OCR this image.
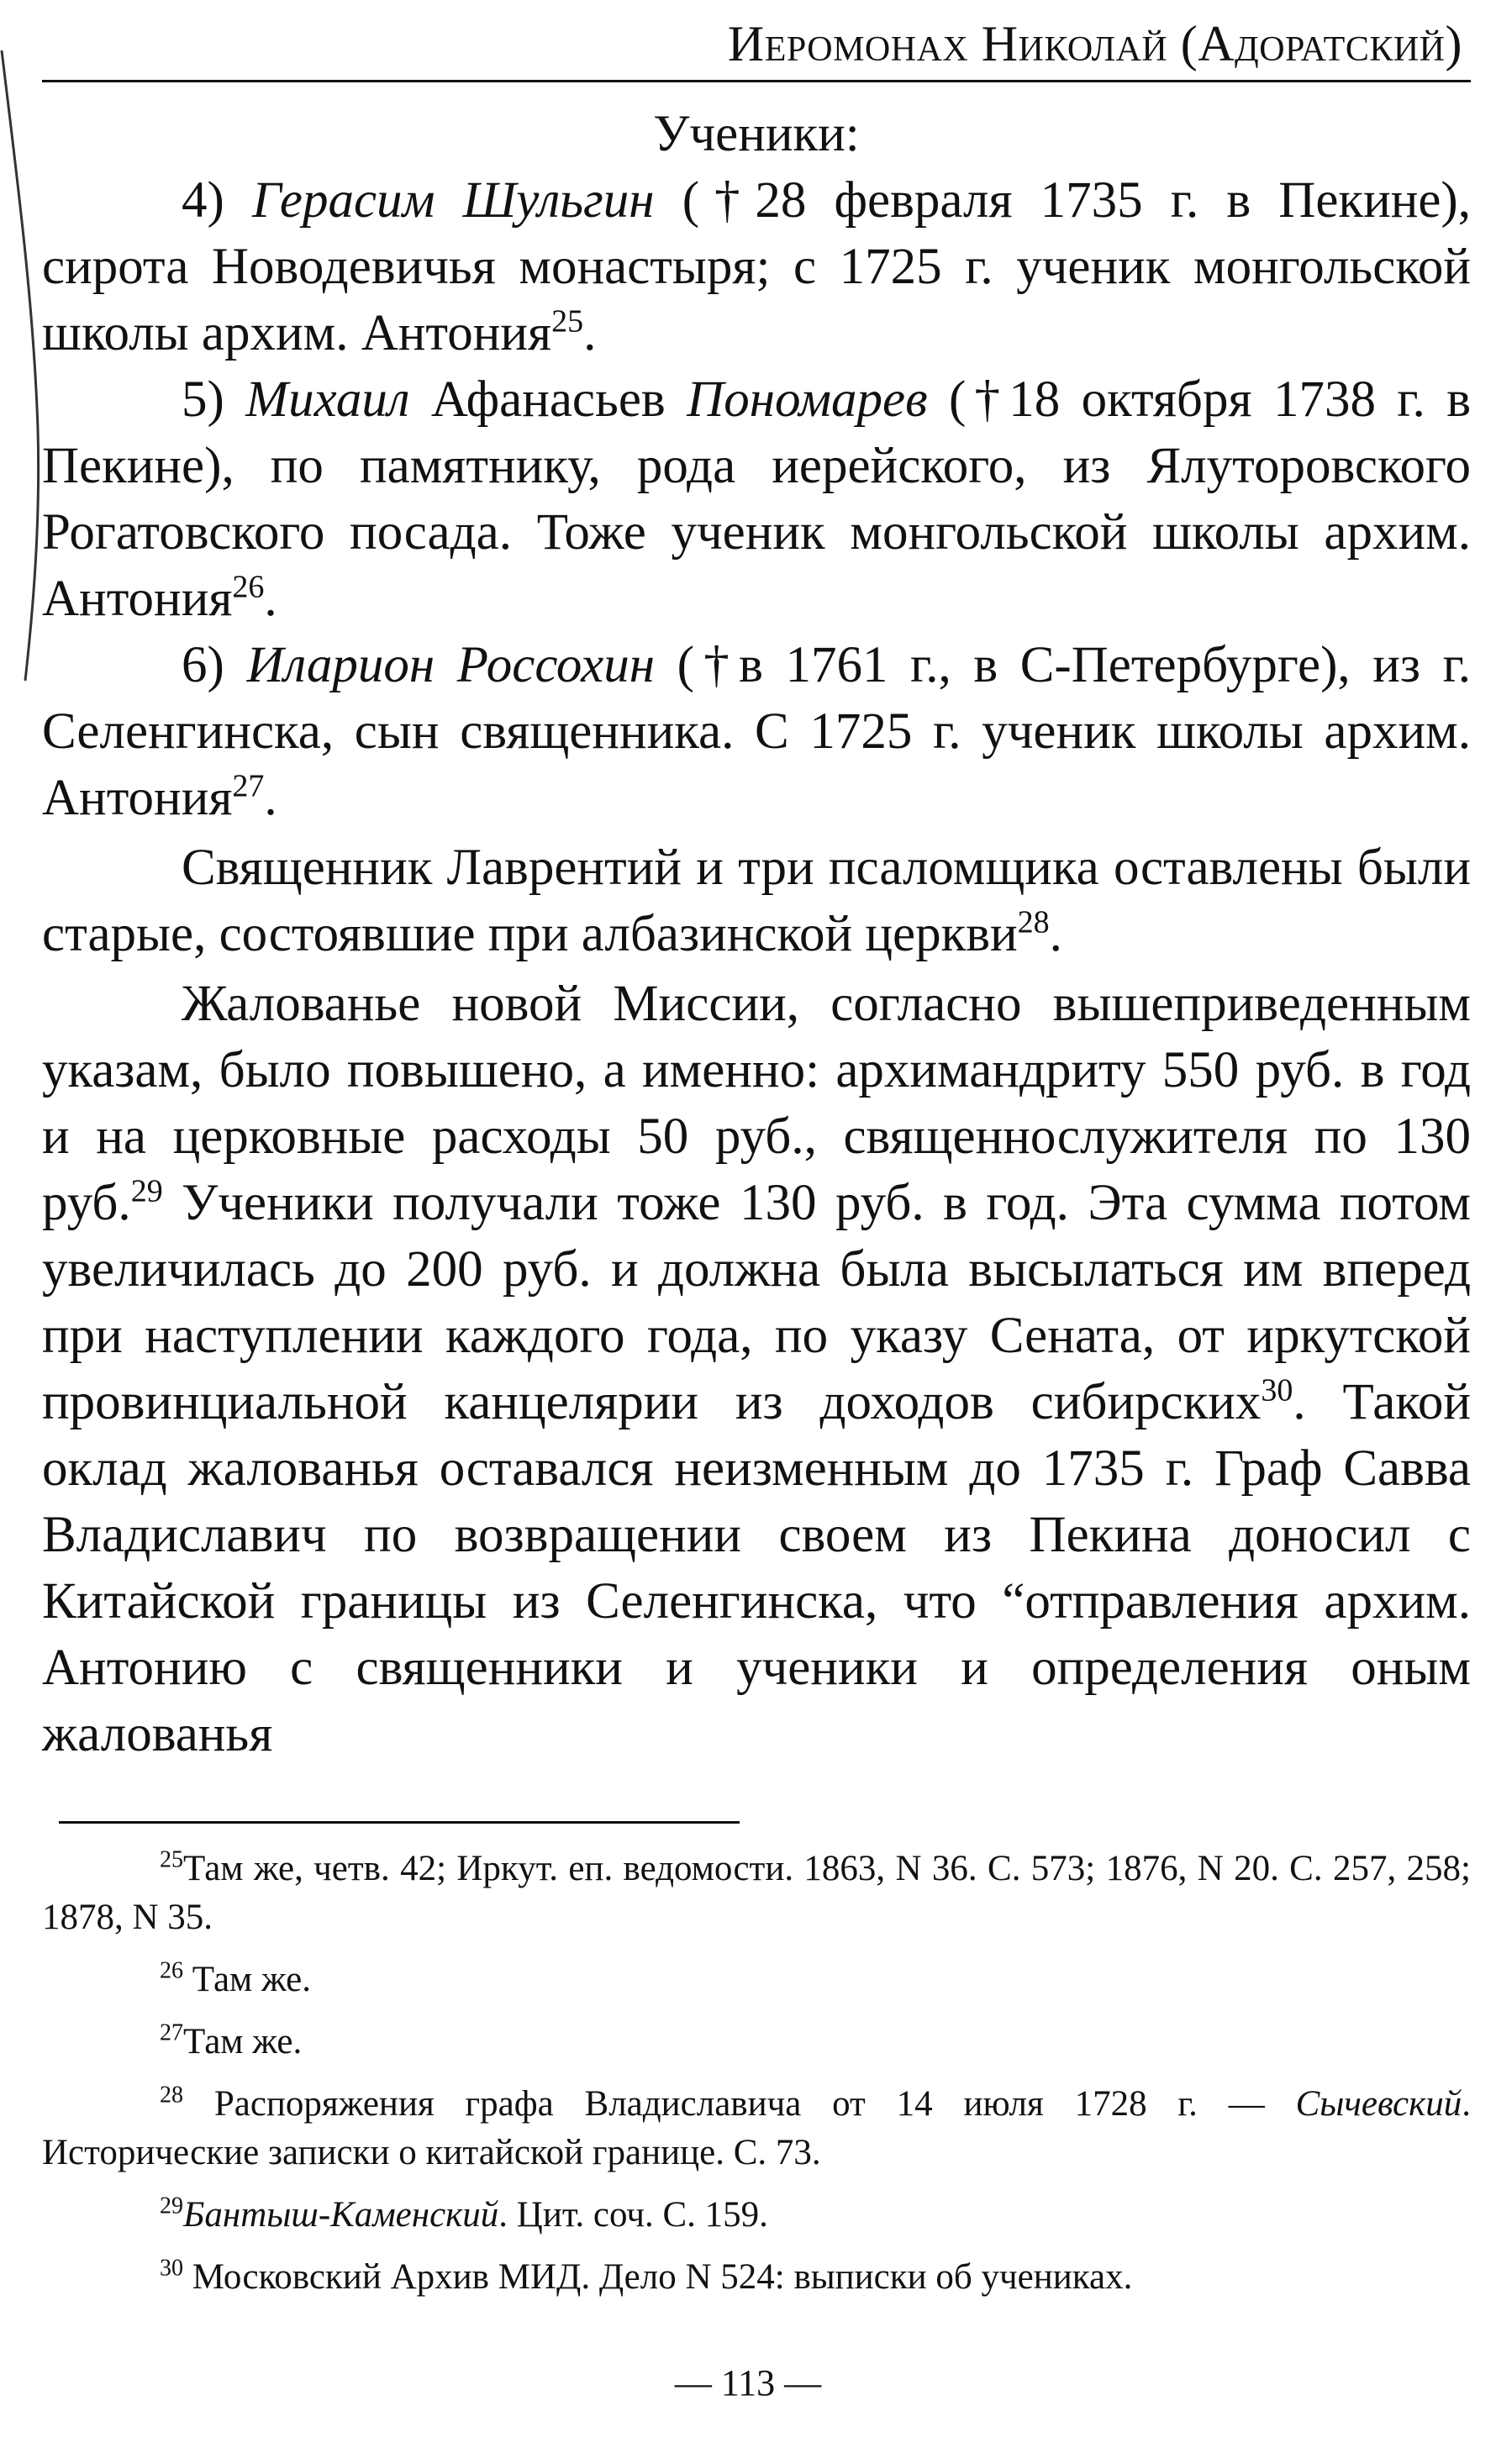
Иеромонах Николай (Адоратский)

Ученики:

4) Герасим Шульгин (†28 февраля 1735 г. в Пекине), сирота Новодевичья монастыря; с 1725 г. ученик монгольской школы архим. Антония$^{25}$.

5) Михаил Афанасьев Пономарев (†18 октября 1738 г. в Пекине), по памятнику, рода иерейского, из Ялуторовского Рогатовского посада. Тоже ученик монгольской школы архим. Антония$^{26}$.

6) Иларион Россохин (†в 1761 г., в С-Петербурге), из г. Селенгинска, сын священника. С 1725 г. ученик школы архим. Антония$^{27}$.

Священник Лаврентий и три псаломщика оставлены были старые, состоявшие при албазинской церкви$^{28}$.

Жалованье новой Миссии, согласно вышеприведенным указам, было повышено, а именно: архимандриту 550 руб. в год и на церковные расходы 50 руб., священнослужителя по 130 руб.$^{29}$ Ученики получали тоже 130 руб. в год. Эта сумма потом увеличилась до 200 руб. и должна была высылаться им вперед при наступлении каждого года, по указу Сената, от иркутской провинциальной канцелярии из доходов сибирских$^{30}$. Такой оклад жалованья оставался неизменным до 1735 г. Граф Савва Владиславич по возвращении своем из Пекина доносил с Китайской границы из Селенгинска, что “отправления архим. Антонию с священники и ученики и определения оным жалованья

$^{25}$Там же, четв. 42; Иркут. еп. ведомости. 1863, N 36. С. 573; 1876, N 20. С. 257, 258; 1878, N 35.

$^{26}$ Там же.

$^{27}$Там же.

$^{28}$ Распоряжения графа Владиславича от 14 июля 1728 г. — Сычевский. Исторические записки о китайской границе. С. 73.

$^{29}$Бантыш-Каменский. Цит. соч. С. 159.

$^{30}$ Московский Архив МИД. Дело N 524: выписки об учениках.

— 113 —
